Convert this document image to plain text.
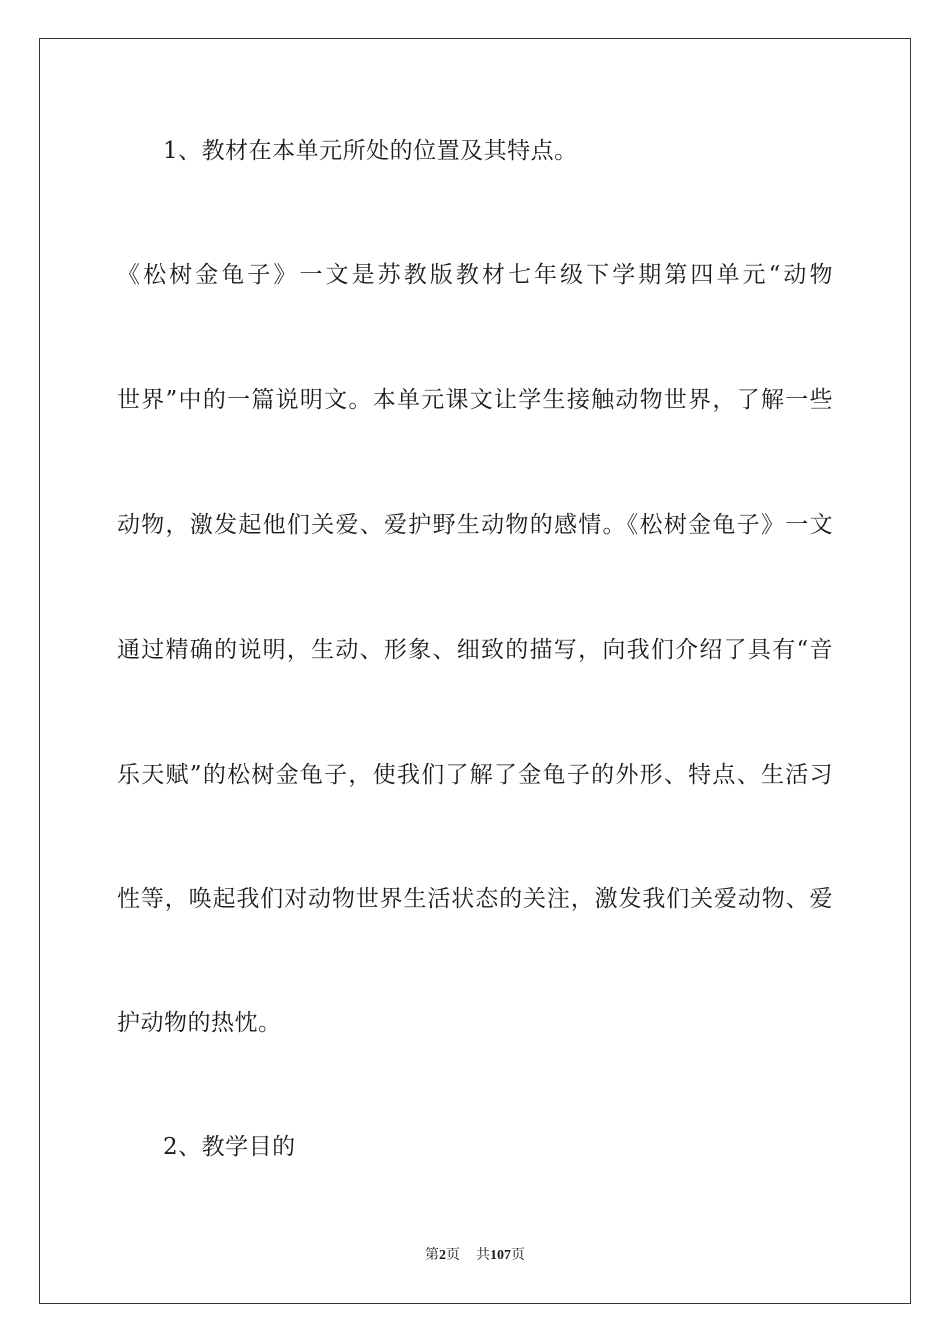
1、教材在本单元所处的位置及其特点。
《松树金龟子》一文是苏教版教材七年级下学期第四单元“动物
世界”中的一篇说明文。本单元课文让学生接触动物世界，了解一些
动物，激发起他们关爱、爱护野生动物的感情。《松树金龟子》一文
通过精确的说明，生动、形象、细致的描写，向我们介绍了具有“音
乐天赋”的松树金龟子，使我们了解了金龟子的外形、特点、生活习
性等，唤起我们对动物世界生活状态的关注，激发我们关爱动物、爱
护动物的热忱。
2、教学目的
第2页 共107页
